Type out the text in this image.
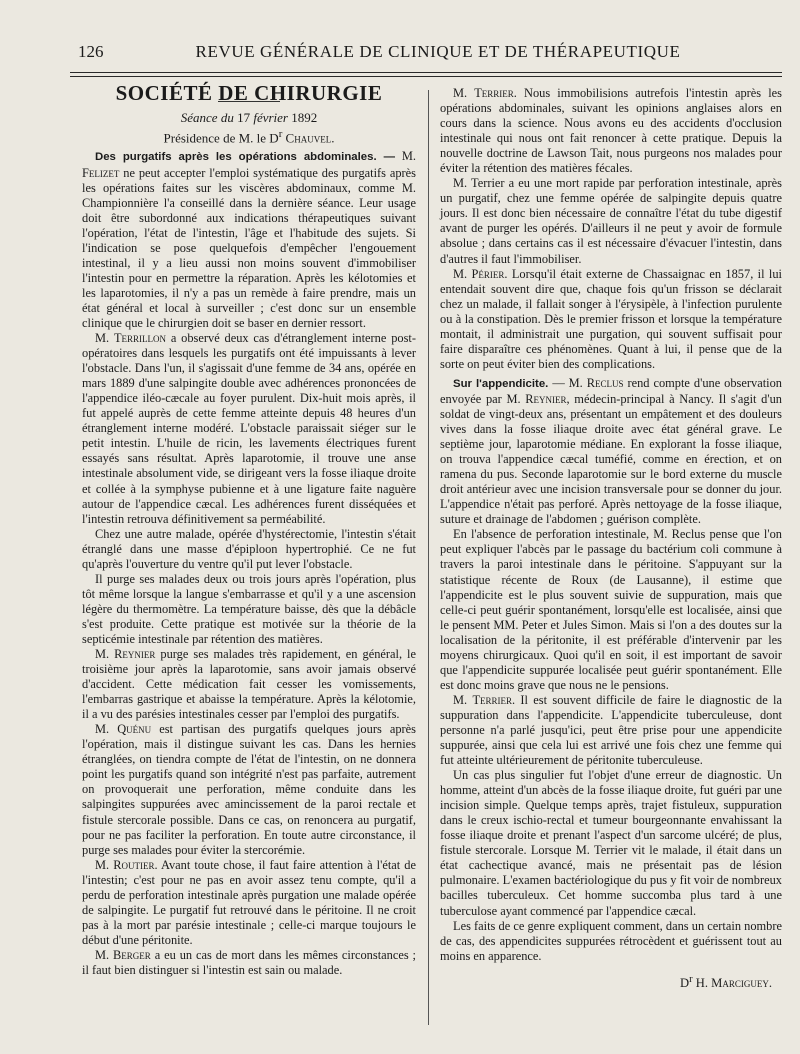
126	REVUE GÉNÉRALE DE CLINIQUE ET DE THÉRAPEUTIQUE

SOCIÉTÉ DE CHIRURGIE

Séance du 17 février 1892

Présidence de M. le $D^r$ Chauvel.

Des purgatifs après les opérations abdominales. — M. Felizet ne peut accepter l'emploi systématique des purgatifs après les opérations faites sur les viscères abdominaux, comme M. Championnière l'a conseillé dans la dernière séance. Leur usage doit être subordonné aux indications thérapeutiques suivant l'opération, l'état de l'intestin, l'âge et l'habitude des sujets. Si l'indication se pose quelquefois d'empêcher l'engouement intestinal, il y a lieu aussi non moins souvent d'immobiliser l'intestin pour en permettre la réparation. Après les kélotomies et les laparotomies, il n'y a pas un remède à faire prendre, mais un état général et local à surveiller ; c'est donc sur un ensemble clinique que le chirurgien doit se baser en dernier ressort.

M. Terrillon a observé deux cas d'étranglement interne post-opératoires dans lesquels les purgatifs ont été impuissants à lever l'obstacle. Dans l'un, il s'agissait d'une femme de 34 ans, opérée en mars 1889 d'une salpingite double avec adhérences prononcées de l'appendice iléo-cæcale au foyer purulent. Dix-huit mois après, il fut appelé auprès de cette femme atteinte depuis 48 heures d'un étranglement interne modéré. L'obstacle paraissait siéger sur le petit intestin. L'huile de ricin, les lavements électriques furent essayés sans résultat. Après laparotomie, il trouve une anse intestinale absolument vide, se dirigeant vers la fosse iliaque droite et collée à la symphyse pubienne et à une ligature faite naguère autour de l'appendice cæcal. Les adhérences furent disséquées et l'intestin retrouva définitivement sa perméabilité.

Chez une autre malade, opérée d'hystérectomie, l'intestin s'était étranglé dans une masse d'épiploon hypertrophié. Ce ne fut qu'après l'ouverture du ventre qu'il put lever l'obstacle.

Il purge ses malades deux ou trois jours après l'opération, plus tôt même lorsque la langue s'embarrasse et qu'il y a une ascension légère du thermomètre. La température baisse, dès que la débâcle s'est produite. Cette pratique est motivée sur la théorie de la septicémie intestinale par rétention des matières.

M. Reynier purge ses malades très rapidement, en général, le troisième jour après la laparotomie, sans avoir jamais observé d'accident. Cette médication fait cesser les vomissements, l'embarras gastrique et abaisse la température. Après la kélotomie, il a vu des parésies intestinales cesser par l'emploi des purgatifs.

M. Quénu est partisan des purgatifs quelques jours après l'opération, mais il distingue suivant les cas. Dans les hernies étranglées, on tiendra compte de l'état de l'intestin, on ne donnera point les purgatifs quand son intégrité n'est pas parfaite, autrement on provoquerait une perforation, même conduite dans les salpingites suppurées avec amincissement de la paroi rectale et fistule stercorale possible. Dans ce cas, on renoncera au purgatif, pour ne pas faciliter la perforation. En toute autre circonstance, il purge ses malades pour éviter la stercorémie.

M. Routier. Avant toute chose, il faut faire attention à l'état de l'intestin; c'est pour ne pas en avoir assez tenu compte, qu'il a perdu de perforation intestinale après purgation une malade opérée de salpingite. Le purgatif fut retrouvé dans le péritoine. Il ne croit pas à la mort par parésie intestinale ; celle-ci marque toujours le début d'une péritonite.

M. Berger a eu un cas de mort dans les mêmes circonstances ; il faut bien distinguer si l'intestin est sain ou malade.

M. Terrier. Nous immobilisions autrefois l'intestin après les opérations abdominales, suivant les opinions anglaises alors en cours dans la science. Nous avons eu des accidents d'occlusion intestinale qui nous ont fait renoncer à cette pratique. Depuis la nouvelle doctrine de Lawson Tait, nous purgeons nos malades pour éviter la rétention des matières fécales.

M. Terrier a eu une mort rapide par perforation intestinale, après un purgatif, chez une femme opérée de salpingite depuis quatre jours. Il est donc bien nécessaire de connaître l'état du tube digestif avant de purger les opérés. D'ailleurs il ne peut y avoir de formule absolue ; dans certains cas il est nécessaire d'évacuer l'intestin, dans d'autres il faut l'immobiliser.

M. Périer. Lorsqu'il était externe de Chassaignac en 1857, il lui entendait souvent dire que, chaque fois qu'un frisson se déclarait chez un malade, il fallait songer à l'érysipèle, à l'infection purulente ou à la constipation. Dès le premier frisson et lorsque la température montait, il administrait une purgation, qui souvent suffisait pour faire disparaître ces phénomènes. Quant à lui, il pense que de la sorte on peut éviter bien des complications.

Sur l'appendicite. — M. Reclus rend compte d'une observation envoyée par M. Reynier, médecin-principal à Nancy. Il s'agit d'un soldat de vingt-deux ans, présentant un empâtement et des douleurs vives dans la fosse iliaque droite avec état général grave. Le septième jour, laparotomie médiane. En explorant la fosse iliaque, on trouva l'appendice cæcal tuméfié, comme en érection, et on ramena du pus. Seconde laparotomie sur le bord externe du muscle droit antérieur avec une incision transversale pour se donner du jour. L'appendice n'était pas perforé. Après nettoyage de la fosse iliaque, suture et drainage de l'abdomen ; guérison complète.

En l'absence de perforation intestinale, M. Reclus pense que l'on peut expliquer l'abcès par le passage du bactérium coli commune à travers la paroi intestinale dans le péritoine. S'appuyant sur la statistique récente de Roux (de Lausanne), il estime que l'appendicite est le plus souvent suivie de suppuration, mais que celle-ci peut guérir spontanément, lorsqu'elle est localisée, ainsi que le pensent MM. Peter et Jules Simon. Mais si l'on a des doutes sur la localisation de la péritonite, il est préférable d'intervenir par les moyens chirurgicaux. Quoi qu'il en soit, il est important de savoir que l'appendicite suppurée localisée peut guérir spontanément. Elle est donc moins grave que nous ne le pensions.

M. Terrier. Il est souvent difficile de faire le diagnostic de la suppuration dans l'appendicite. L'appendicite tuberculeuse, dont personne n'a parlé jusqu'ici, peut être prise pour une appendicite suppurée, ainsi que cela lui est arrivé une fois chez une femme qui fut atteinte ultérieurement de péritonite tuberculeuse.

Un cas plus singulier fut l'objet d'une erreur de diagnostic. Un homme, atteint d'un abcès de la fosse iliaque droite, fut guéri par une incision simple. Quelque temps après, trajet fistuleux, suppuration dans le creux ischio-rectal et tumeur bourgeonnante envahissant la fosse iliaque droite et prenant l'aspect d'un sarcome ulcéré; de plus, fistule stercorale. Lorsque M. Terrier vit le malade, il était dans un état cachectique avancé, mais ne présentait pas de lésion pulmonaire. L'examen bactériologique du pus y fit voir de nombreux bacilles tuberculeux. Cet homme succomba plus tard à une tuberculose ayant commencé par l'appendice cæcal.

Les faits de ce genre expliquent comment, dans un certain nombre de cas, des appendicites suppurées rétrocèdent et guérissent tout au moins en apparence.

$D^r$ H. Marciguey.
